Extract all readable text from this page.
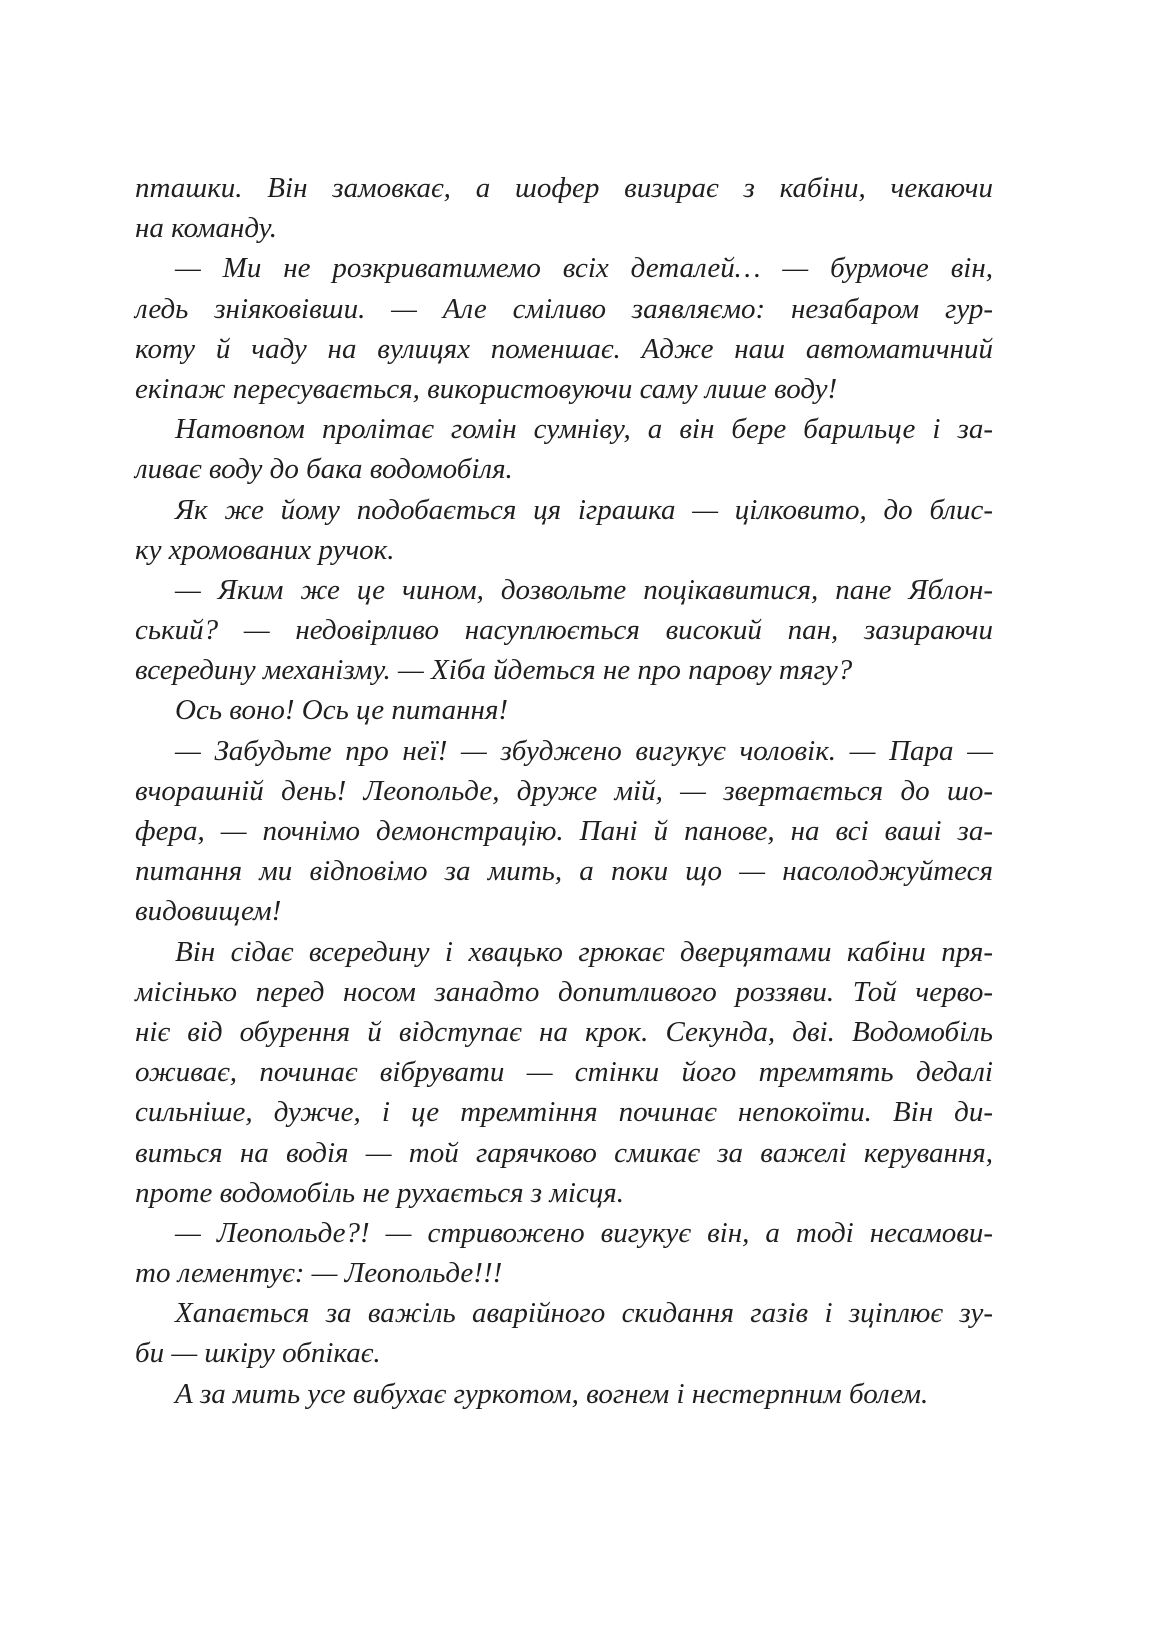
пташки. Він замовкає, а шофер визирає з кабіни, чекаючи
на команду.
— Ми не розкриватимемо всіх деталей… — бурмоче він,
ледь зніяковівши. — Але сміливо заявляємо: незабаром гур-
коту й чаду на вулицях поменшає. Адже наш автоматичний
екіпаж пересувається, використовуючи саму лише воду!
Натовпом пролітає гомін сумніву, а він бере барильце і за-
ливає воду до бака водомобіля.
Як же йому подобається ця іграшка — цілковито, до блис-
ку хромованих ручок.
— Яким же це чином, дозвольте поцікавитися, пане Яблон-
ський? — недовірливо насуплюється високий пан, зазираючи
всередину механізму. — Хіба йдеться не про парову тягу?
Ось воно! Ось це питання!
— Забудьте про неї! — збуджено вигукує чоловік. — Пара —
вчорашній день! Леопольде, друже мій, — звертається до шо-
фера, — почнімо демонстрацію. Пані й панове, на всі ваші за-
питання ми відповімо за мить, а поки що — насолоджуйтеся
видовищем!
Він сідає всередину і хвацько грюкає дверцятами кабіни пря-
місінько перед носом занадто допитливого роззяви. Той черво-
ніє від обурення й відступає на крок. Секунда, дві. Водомобіль
оживає, починає вібрувати — стінки його тремтять дедалі
сильніше, дужче, і це тремтіння починає непокоїти. Він ди-
виться на водія — той гарячково смикає за важелі керування,
проте водомобіль не рухається з місця.
— Леопольде?! — стривожено вигукує він, а тоді несамови-
то лементує: — Леопольде!!!
Хапається за важіль аварійного скидання газів і зціплює зу-
би — шкіру обпікає.
А за мить усе вибухає гуркотом, вогнем і нестерпним болем.
